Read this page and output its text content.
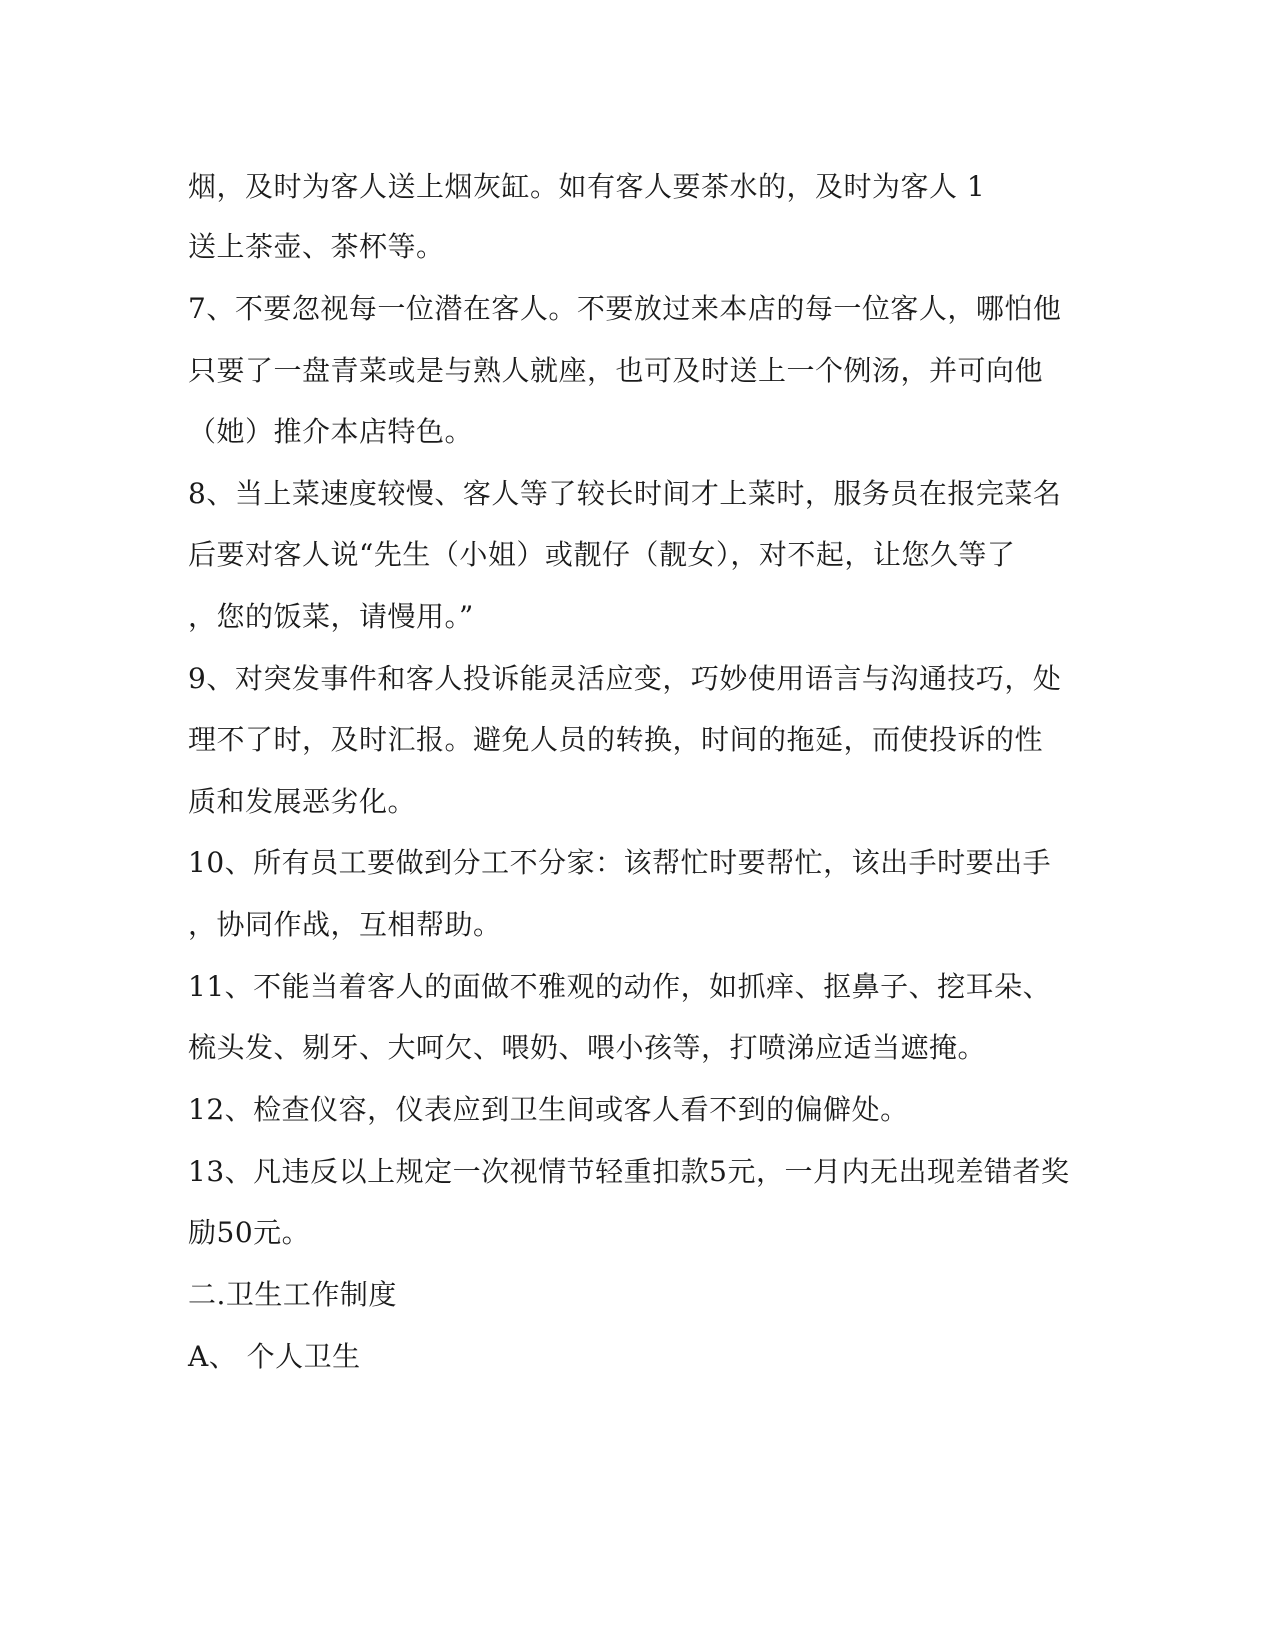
烟，及时为客人送上烟灰缸。如有客人要茶水的，及时为客人 1
送上茶壶、茶杯等。
7、不要忽视每一位潜在客人。不要放过来本店的每一位客人，哪怕他
只要了一盘青菜或是与熟人就座，也可及时送上一个例汤，并可向他
（她）推介本店特色。
8、当上菜速度较慢、客人等了较长时间才上菜时，服务员在报完菜名
后要对客人说“先生（小姐）或靓仔（靓女），对不起，让您久等了
，您的饭菜，请慢用。”
9、对突发事件和客人投诉能灵活应变，巧妙使用语言与沟通技巧，处
理不了时，及时汇报。避免人员的转换，时间的拖延，而使投诉的性
质和发展恶劣化。
10、所有员工要做到分工不分家：该帮忙时要帮忙，该出手时要出手
，协同作战，互相帮助。
11、不能当着客人的面做不雅观的动作，如抓痒、抠鼻子、挖耳朵、
梳头发、剔牙、大呵欠、喂奶、喂小孩等，打喷涕应适当遮掩。
12、检查仪容，仪表应到卫生间或客人看不到的偏僻处。
13、凡违反以上规定一次视情节轻重扣款5元，一月内无出现差错者奖
励50元。
二.卫生工作制度
A、 个人卫生
